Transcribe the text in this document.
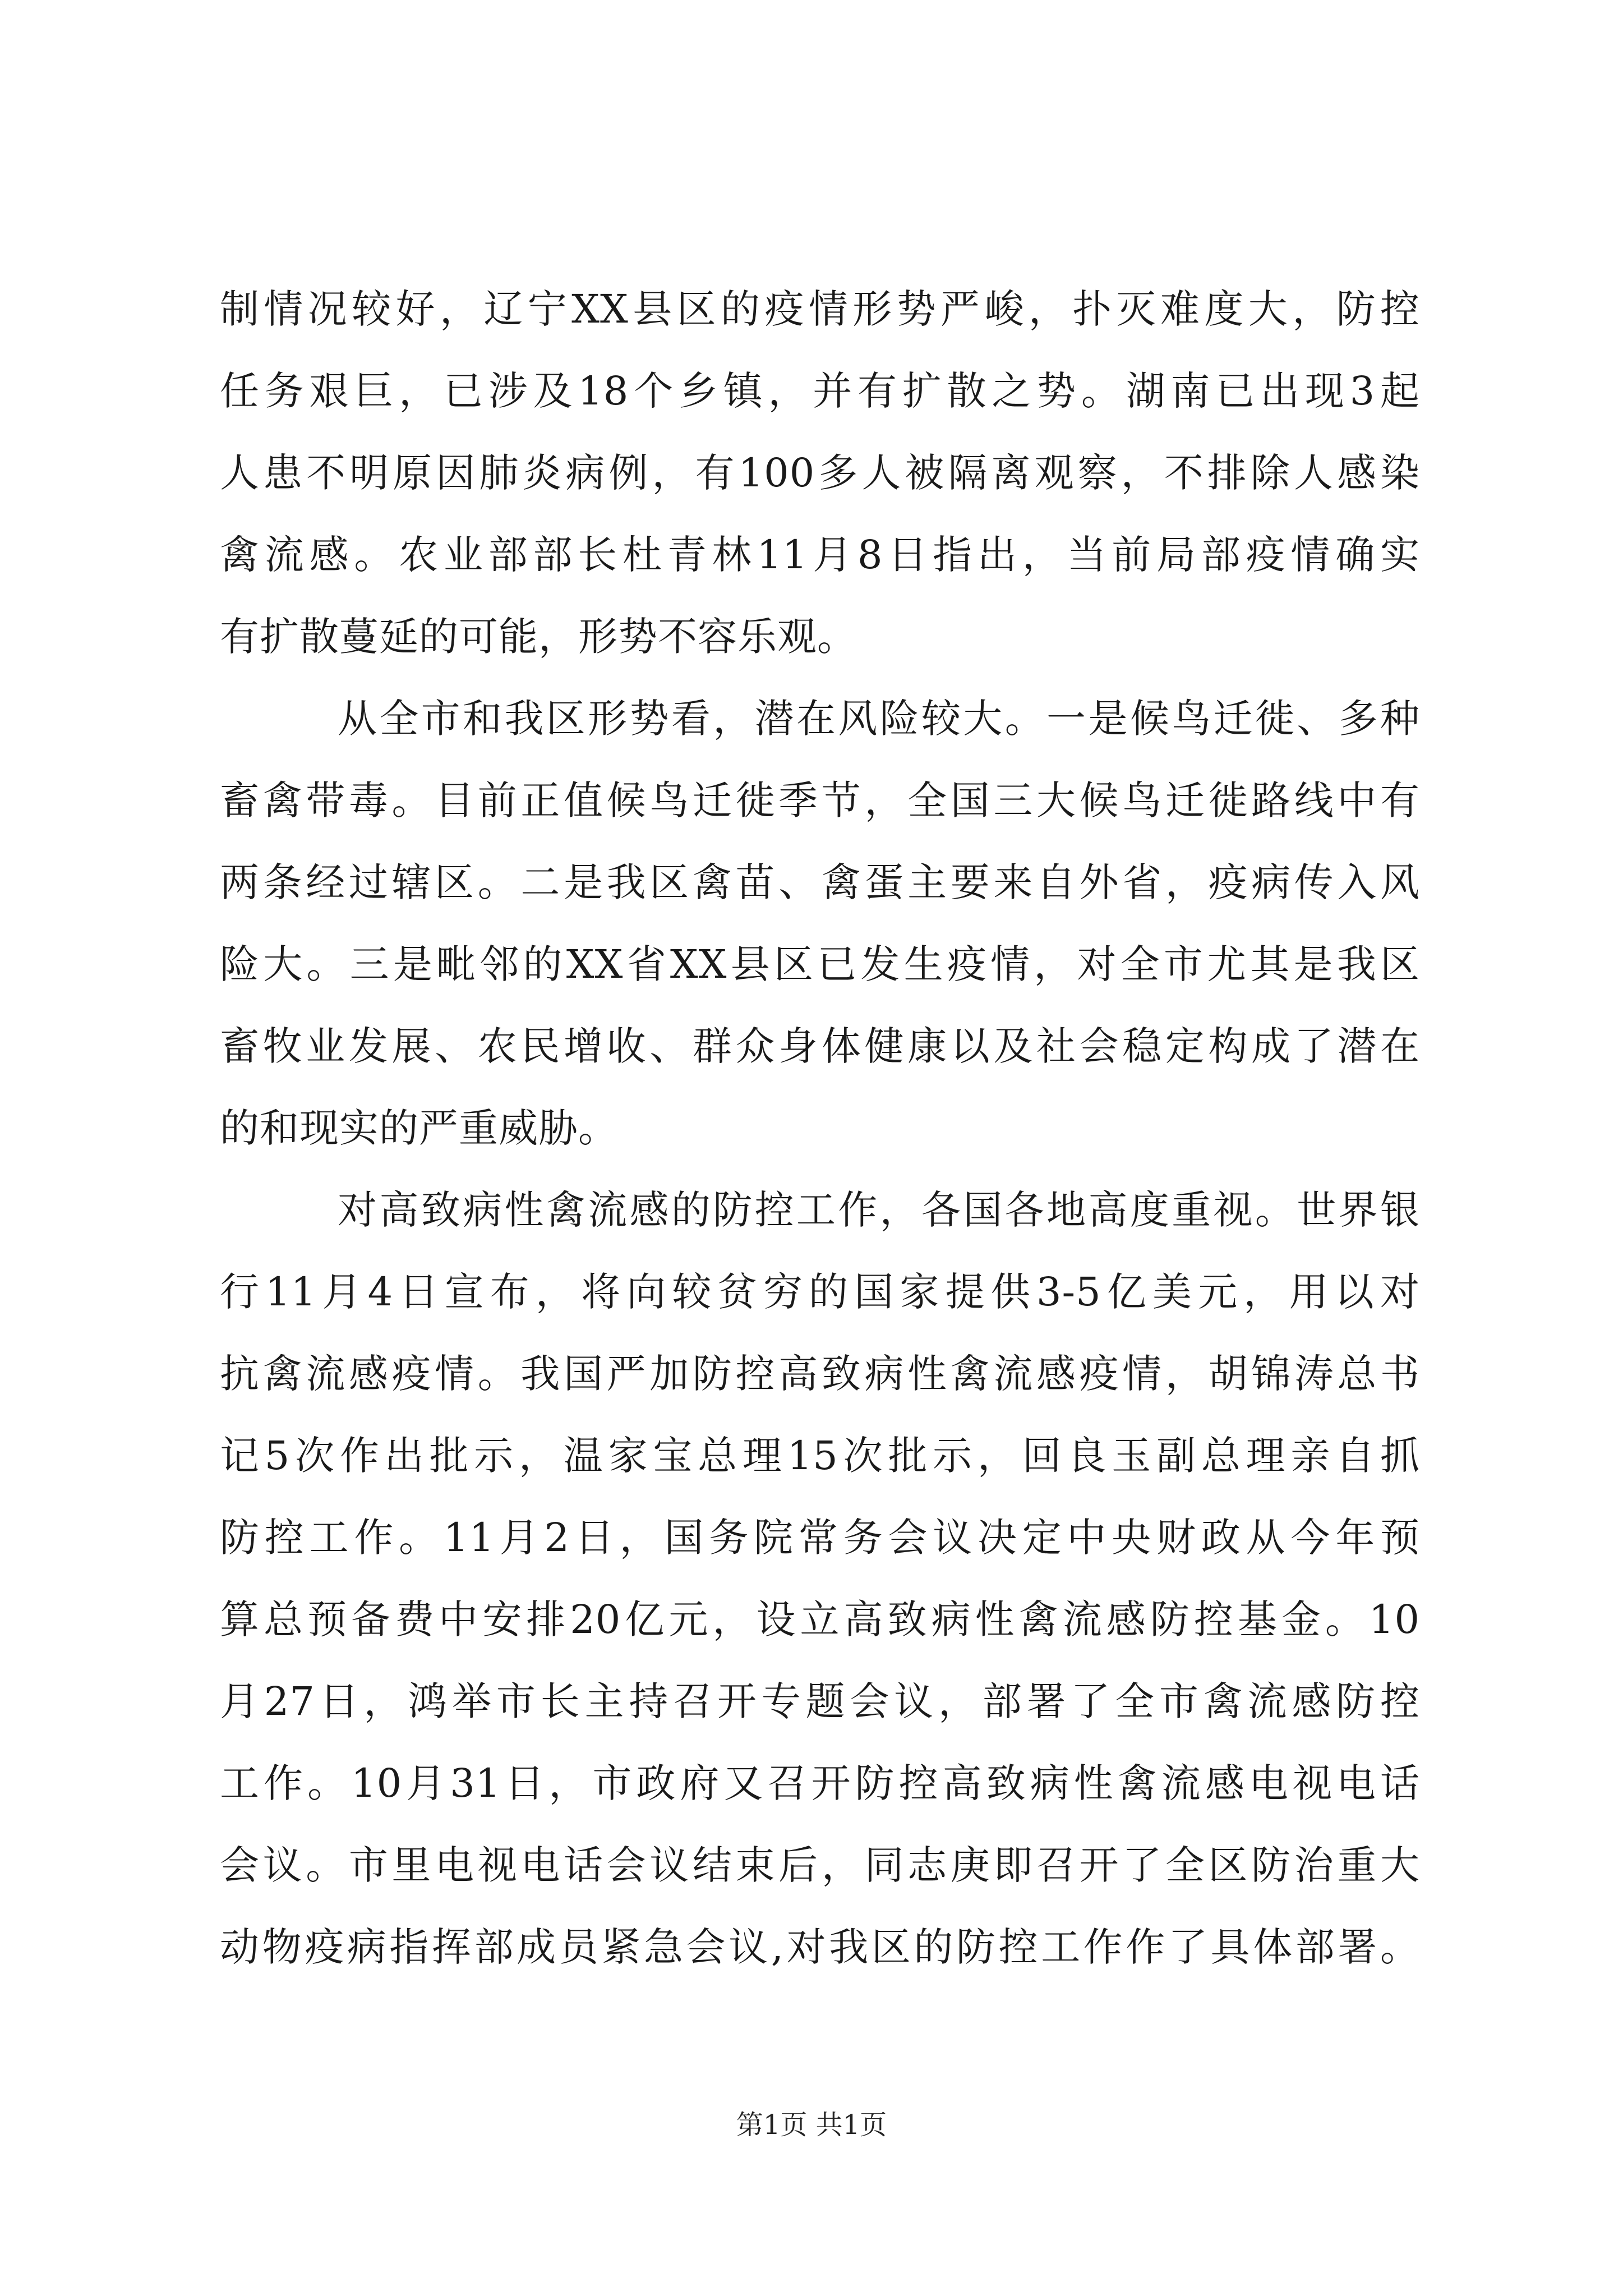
制情况较好，辽宁XX县区的疫情形势严峻，扑灭难度大，防控
任务艰巨，已涉及18个乡镇，并有扩散之势。湖南已出现3起
人患不明原因肺炎病例，有100多人被隔离观察，不排除人感染
禽流感。农业部部长杜青林11月8日指出，当前局部疫情确实
有扩散蔓延的可能，形势不容乐观。
从全市和我区形势看，潜在风险较大。一是候鸟迁徙、多种
畜禽带毒。目前正值候鸟迁徙季节，全国三大候鸟迁徙路线中有
两条经过辖区。二是我区禽苗、禽蛋主要来自外省，疫病传入风
险大。三是毗邻的XX省XX县区已发生疫情，对全市尤其是我区
畜牧业发展、农民增收、群众身体健康以及社会稳定构成了潜在
的和现实的严重威胁。
对高致病性禽流感的防控工作，各国各地高度重视。世界银
行11月4日宣布，将向较贫穷的国家提供3-5亿美元，用以对
抗禽流感疫情。我国严加防控高致病性禽流感疫情，胡锦涛总书
记5次作出批示，温家宝总理15次批示，回良玉副总理亲自抓
防控工作。11月2日，国务院常务会议决定中央财政从今年预
算总预备费中安排20亿元，设立高致病性禽流感防控基金。10
月27日，鸿举市长主持召开专题会议，部署了全市禽流感防控
工作。10月31日，市政府又召开防控高致病性禽流感电视电话
会议。市里电视电话会议结束后，同志庚即召开了全区防治重大
动物疫病指挥部成员紧急会议,对我区的防控工作作了具体部署。
第1页 共1页
